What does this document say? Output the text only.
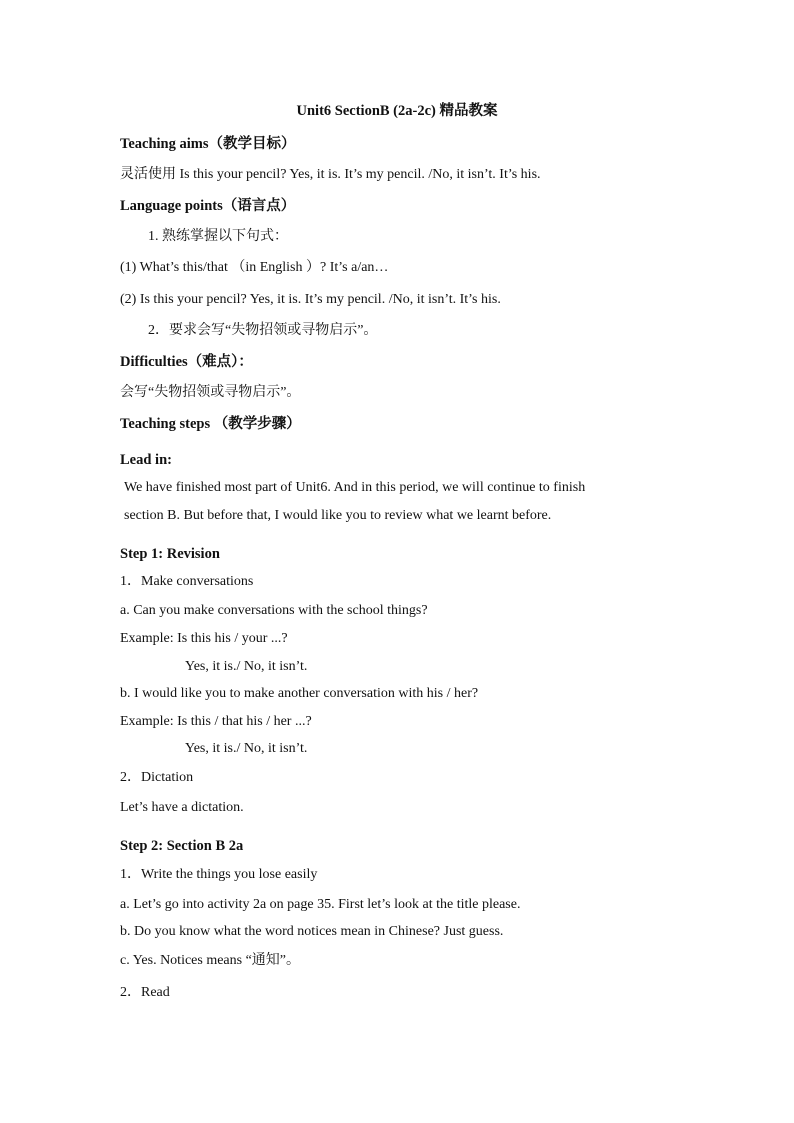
Unit6 SectionB (2a-2c) 精品教案
Teaching aims（教学目标）
灵活使用 Is this your pencil? Yes, it is. It’s my pencil. /No, it isn’t. It’s his.
Language points（语言点）
1. 熟练掌握以下句式：
(1) What’s this/that （in English ）? It’s a/an…
(2) Is this your pencil? Yes, it is. It’s my pencil. /No, it isn’t. It’s his.
2．要求会写“失物招领或寻物启示”。
Difficulties（难点）：
会写“失物招领或寻物启示”。
Teaching steps （教学步骤）
Lead in:
We have finished most part of Unit6. And in this period, we will continue to finish
section B. But before that, I would like you to review what we learnt before.
Step 1: Revision
1．Make conversations
a. Can you make conversations with the school things?
Example: Is this his / your ...?
Yes, it is./ No, it isn’t.
b. I would like you to make another conversation with his / her?
Example: Is this / that his / her ...?
Yes, it is./ No, it isn’t.
2．Dictation
Let’s have a dictation.
Step 2: Section B 2a
1．Write the things you lose easily
a. Let’s go into activity 2a on page 35. First let’s look at the title please.
b. Do you know what the word notices mean in Chinese? Just guess.
c. Yes. Notices means “通知”。
2．Read
